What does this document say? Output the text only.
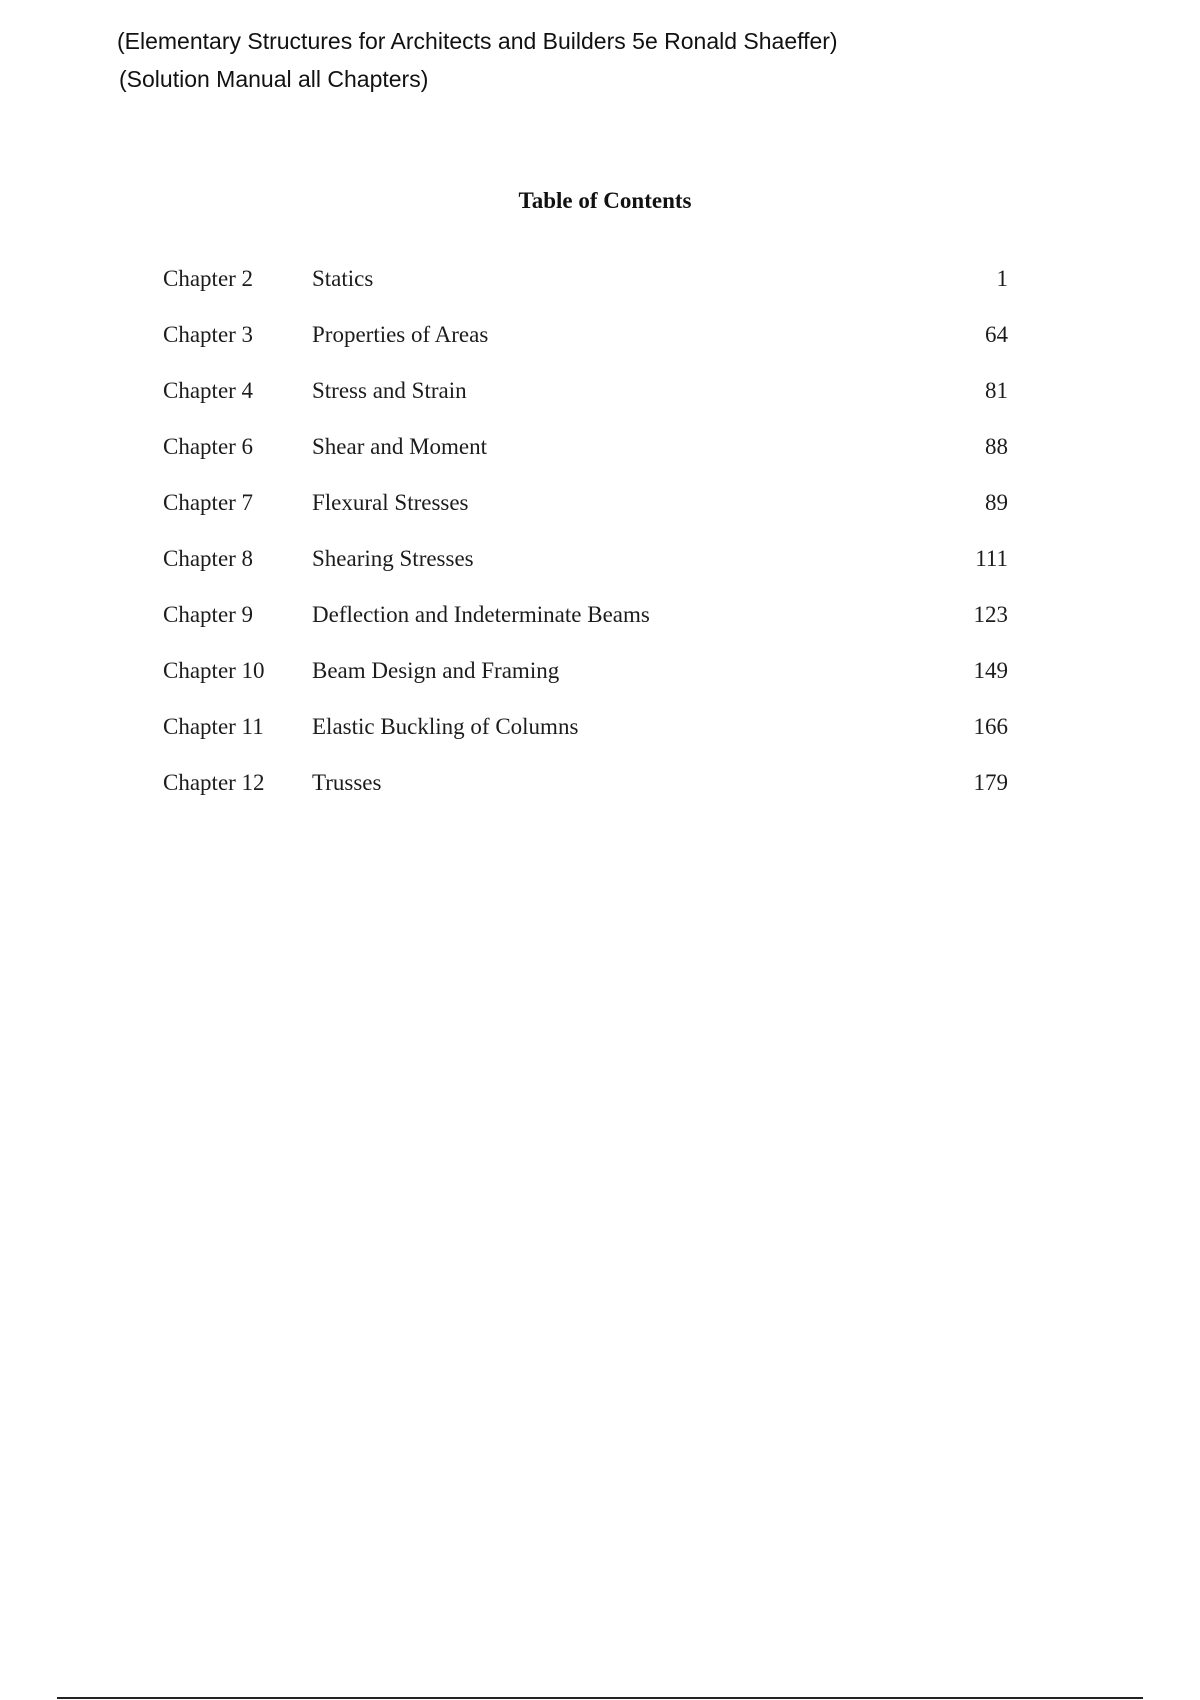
(Elementary Structures for Architects and Builders 5e Ronald Shaeffer)
(Solution Manual all Chapters)
Table of Contents
Chapter 2	Statics	1
Chapter 3	Properties of Areas	64
Chapter 4	Stress and Strain	81
Chapter 6	Shear and Moment	88
Chapter 7	Flexural Stresses	89
Chapter 8	Shearing Stresses	111
Chapter 9	Deflection and Indeterminate Beams	123
Chapter 10	Beam Design and Framing	149
Chapter 11	Elastic Buckling of Columns	166
Chapter 12	Trusses	179
